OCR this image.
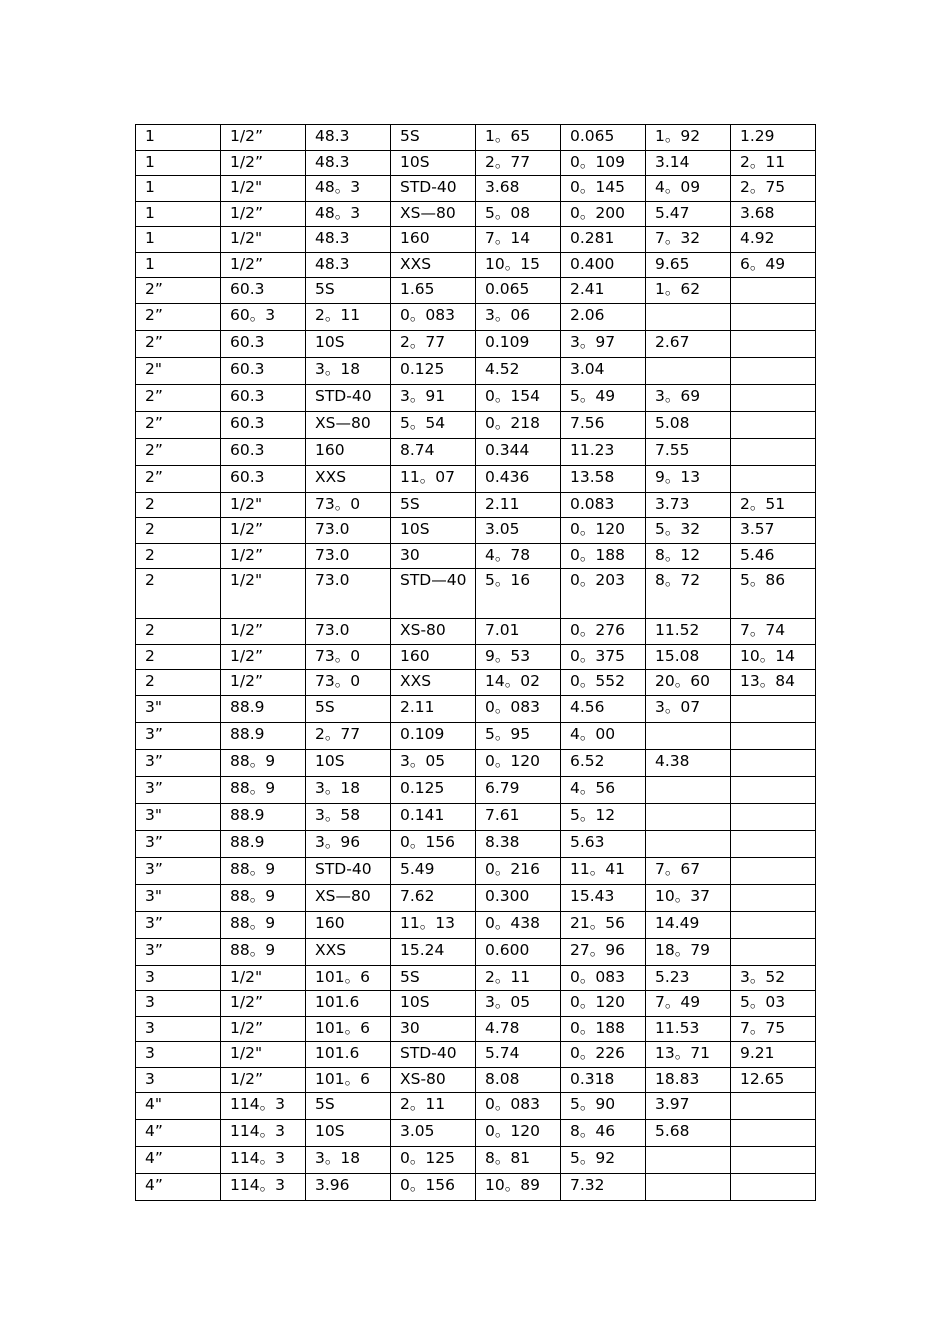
1	1/2”	48.3	5S	1。65	0.065	1。92	1.29
1	1/2”	48.3	10S	2。77	0。109	3.14	2。11
1	1/2"	48。3	STD-40	3.68	0。145	4。09	2。75
1	1/2”	48。3	XS—80	5。08	0。200	5.47	3.68
1	1/2"	48.3	160	7。14	0.281	7。32	4.92
1	1/2”	48.3	XXS	10。15	0.400	9.65	6。49
2”	60.3	5S	1.65	0.065	2.41	1。62	
2”	60。3	2。11	0。083	3。06	2.06		
2”	60.3	10S	2。77	0.109	3。97	2.67	
2"	60.3	3。18	0.125	4.52	3.04		
2”	60.3	STD-40	3。91	0。154	5。49	3。69	
2”	60.3	XS—80	5。54	0。218	7.56	5.08	
2”	60.3	160	8.74	0.344	11.23	7.55	
2”	60.3	XXS	11。07	0.436	13.58	9。13	
2	1/2"	73。0	5S	2.11	0.083	3.73	2。51
2	1/2”	73.0	10S	3.05	0。120	5。32	3.57
2	1/2”	73.0	30	4。78	0。188	8。12	5.46
2	1/2"	73.0	STD—40	5。16	0。203	8。72	5。86
2	1/2”	73.0	XS-80	7.01	0。276	11.52	7。74
2	1/2”	73。0	160	9。53	0。375	15.08	10。14
2	1/2”	73。0	XXS	14。02	0。552	20。60	13。84
3"	88.9	5S	2.11	0。083	4.56	3。07	
3”	88.9	2。77	0.109	5。95	4。00		
3”	88。9	10S	3。05	0。120	6.52	4.38	
3”	88。9	3。18	0.125	6.79	4。56		
3"	88.9	3。58	0.141	7.61	5。12		
3”	88.9	3。96	0。156	8.38	5.63		
3”	88。9	STD-40	5.49	0。216	11。41	7。67	
3"	88。9	XS—80	7.62	0.300	15.43	10。37	
3”	88。9	160	11。13	0。438	21。56	14.49	
3”	88。9	XXS	15.24	0.600	27。96	18。79	
3	1/2"	101。6	5S	2。11	0。083	5.23	3。52
3	1/2”	101.6	10S	3。05	0。120	7。49	5。03
3	1/2”	101。6	30	4.78	0。188	11.53	7。75
3	1/2"	101.6	STD-40	5.74	0。226	13。71	9.21
3	1/2”	101。6	XS-80	8.08	0.318	18.83	12.65
4"	114。3	5S	2。11	0。083	5。90	3.97	
4”	114。3	10S	3.05	0。120	8。46	5.68	
4”	114。3	3。18	0。125	8。81	5。92		
4”	114。3	3.96	0。156	10。89	7.32		
